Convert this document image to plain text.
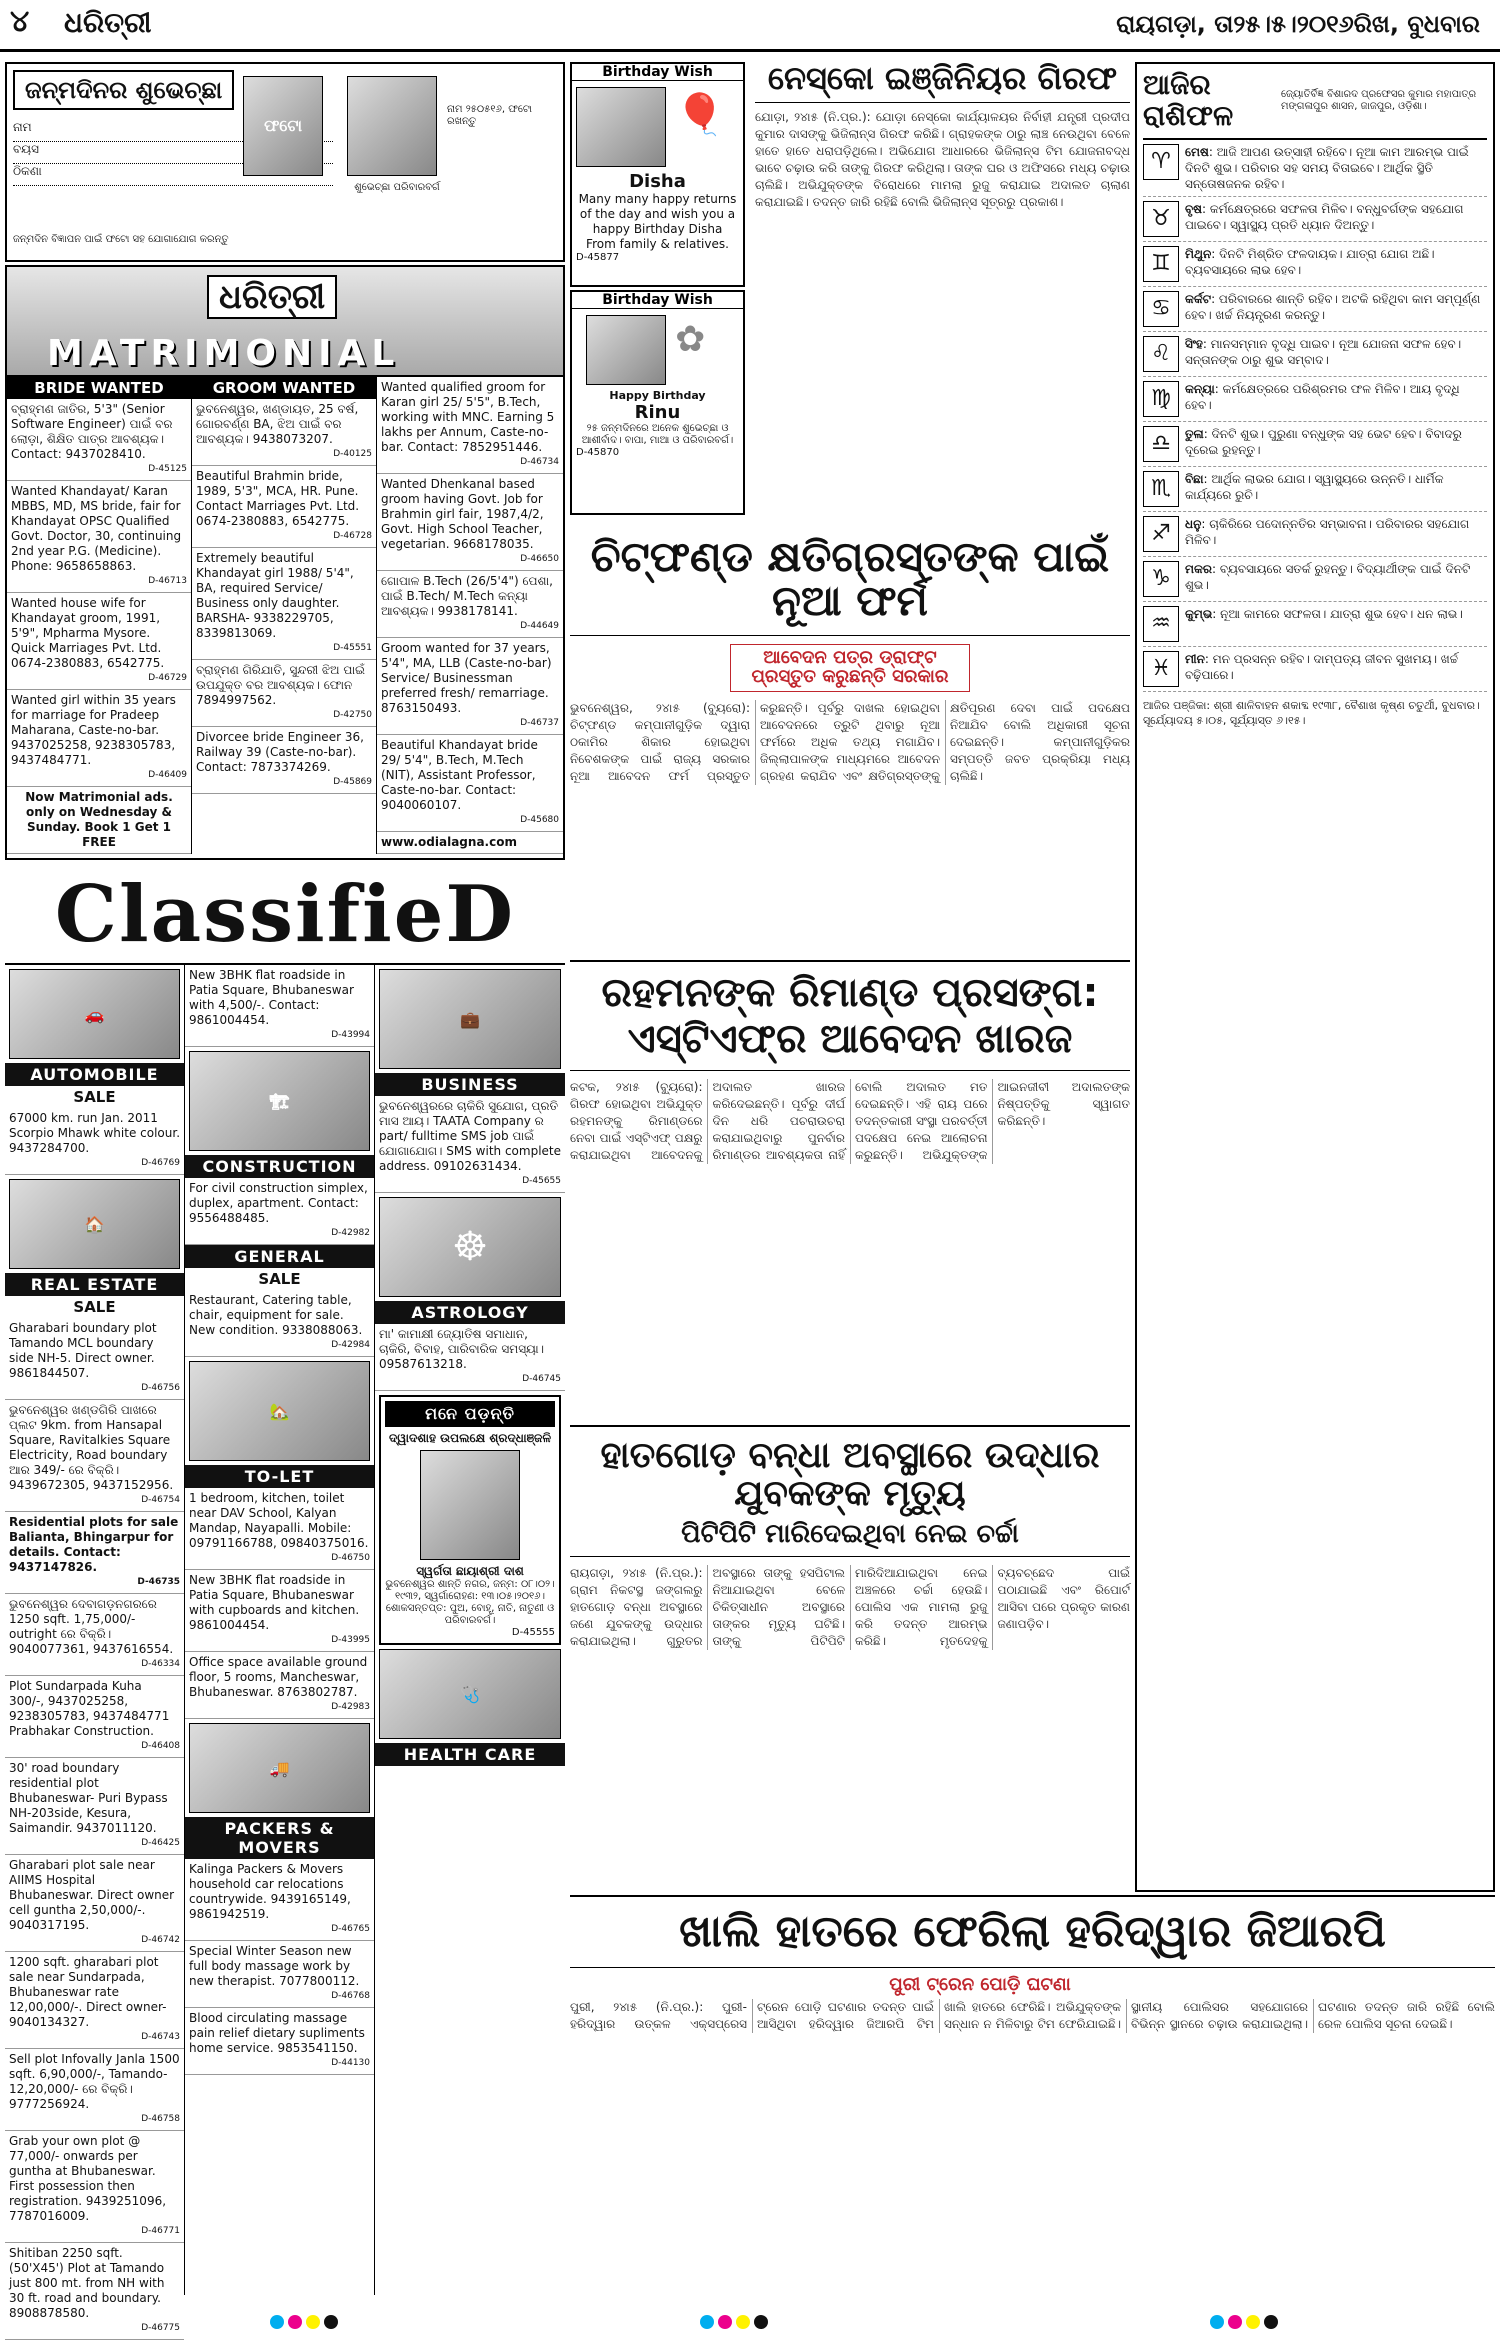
୪ ଧରିତ୍ରୀ	ରାୟଗଡ଼ା, ତା୨୫।୫।୨୦୧୬ରିଖ, ବୁଧବାର
ଜନ୍ମଦିନର ଶୁଭେଚ୍ଛା
ନାମ
ବୟସ
ଠିକଣା
ଫଟୋ
ନାମ ୨୫୦୫୧୬, ଫଟୋ ରଖନ୍ତୁ
ଶୁଭେଚ୍ଛା ପରିବାରବର୍ଗ
ଜନ୍ମଦିନ ବିଜ୍ଞାପନ ପାଇଁ ଫଟୋ ସହ ଯୋଗାଯୋଗ କରନ୍ତୁ
ଧରିତ୍ରୀ
MATRIMONIAL
BRIDE WANTED
ବ୍ରାହ୍ମଣ ଜାତିର, 5'3" (Senior Software Engineer) ପାଇଁ ବର ଲୋଡ଼ା, ଶିକ୍ଷିତ ପାତ୍ର ଆବଶ୍ୟକ। Contact: 9437028410.
D-45125
Wanted Khandayat/ Karan MBBS, MD, MS bride, fair for Khandayat OPSC Qualified Govt. Doctor, 30, continuing 2nd year P.G. (Medicine). Phone: 9658658863.
D-46713
Wanted house wife for Khandayat groom, 1991, 5'9", Mpharma Mysore. Quick Marriages Pvt. Ltd. 0674-2380883, 6542775.
D-46729
Wanted girl within 35 years for marriage for Pradeep Maharana, Caste-no-bar. 9437025258, 9238305783, 9437484771.
D-46409
Now Matrimonial ads. only on Wednesday & Sunday. Book 1 Get 1 FREE
GROOM WANTED
ଭୁବନେଶ୍ୱର, ଖଣ୍ଡାୟତ, 25 ବର୍ଷ, ଗୋରବର୍ଣ୍ଣ BA, ଝିଅ ପାଇଁ ବର ଆବଶ୍ୟକ। 9438073207.
D-40125
Beautiful Brahmin bride, 1989, 5'3", MCA, HR. Pune. Contact Marriages Pvt. Ltd. 0674-2380883, 6542775.
D-46728
Extremely beautiful Khandayat girl 1988/ 5'4", BA, required Service/ Business only daughter. BARSHA- 9338229705, 8339813069.
D-45551
ବ୍ରାହ୍ମଣ ଗିରିଯାତି, ସୁନ୍ଦରୀ ଝିଅ ପାଇଁ ଉପଯୁକ୍ତ ବର ଆବଶ୍ୟକ। ଫୋନ 7894997562.
D-42750
Divorcee bride Engineer 36, Railway 39 (Caste-no-bar). Contact: 7873374269.
D-45869
Wanted qualified groom for Karan girl 25/ 5'5", B.Tech, working with MNC. Earning 5 lakhs per Annum, Caste-no-bar. Contact: 7852951446.
D-46734
Wanted Dhenkanal based groom having Govt. Job for Brahmin girl fair, 1987,4/2, Govt. High School Teacher, vegetarian. 9668178035.
D-46650
ଗୋପାଳ B.Tech (26/5'4") ପେଶା, ପାଇଁ B.Tech/ M.Tech କନ୍ୟା ଆବଶ୍ୟକ। 9938178141.
D-44649
Groom wanted for 37 years, 5'4", MA, LLB (Caste-no-bar) Service/ Businessman preferred fresh/ remarriage. 8763150493.
D-46737
Beautiful Khandayat bride 29/ 5'4", B.Tech, M.Tech (NIT), Assistant Professor, Caste-no-bar. Contact: 9040060107.
D-45680
www.odialagna.com
Birthday Wish
🎈
Disha
Many many happy returns of the day and wish you a happy Birthday Disha From family & relatives.
D-45877
Birthday Wish
✿
Happy Birthday
Rinu
୨୫ ଜନ୍ମଦିନରେ ଅନେକ ଶୁଭେଚ୍ଛା ଓ ଆଶୀର୍ବାଦ। ବାପା, ମାଆ ଓ ପରିବାରବର୍ଗ।
D-45870
ନେସ୍କୋ ଇଞ୍ଜିନିୟର ଗିରଫ
ଯୋଡ଼ା, ୨୪ା୫ (ନି.ପ୍ର.): ଯୋଡ଼ା ନେସ୍କୋ କାର୍ଯ୍ୟାଳୟର ନିର୍ବାହୀ ଯନ୍ତ୍ରୀ ପ୍ରଦୀପ କୁମାର ଦାସଙ୍କୁ ଭିଜିଲାନ୍ସ ଗିରଫ କରିଛି। ଗ୍ରାହକଙ୍କ ଠାରୁ ଲାଞ୍ଚ ନେଉଥିବା ବେଳେ ହାତେ ହାତେ ଧରାପଡ଼ିଥିଲେ। ଅଭିଯୋଗ ଆଧାରରେ ଭିଜିଲାନ୍ସ ଟିମ ଯୋଜନାବଦ୍ଧ ଭାବେ ଚଢ଼ାଉ କରି ତାଙ୍କୁ ଗିରଫ କରିଥିଲା। ତାଙ୍କ ଘର ଓ ଅଫିସରେ ମଧ୍ୟ ଚଢ଼ାଉ ଚାଲିଛି। ଅଭିଯୁକ୍ତଙ୍କ ବିରୋଧରେ ମାମଲା ରୁଜୁ କରାଯାଇ ଅଦାଲତ ଚାଲାଣ କରାଯାଇଛି। ତଦନ୍ତ ଜାରି ରହିଛି ବୋଲି ଭିଜିଲାନ୍ସ ସୂତ୍ରରୁ ପ୍ରକାଶ।
ଚିଟ୍‌ଫଣ୍ଡ କ୍ଷତିଗ୍ରସ୍ତଙ୍କ ପାଇଁ ନୂଆ ଫର୍ମ
ଆବେଦନ ପତ୍ର ଡ୍ରାଫ୍ଟ ପ୍ରସ୍ତୁତ କରୁଛନ୍ତି ସରକାର
ଭୁବନେଶ୍ୱର, ୨୪ା୫ (ବ୍ୟୁରୋ): ଚିଟ୍‌ଫଣ୍ଡ କମ୍ପାନୀଗୁଡ଼ିକ ଦ୍ୱାରା ଠକାମିର ଶିକାର ହୋଇଥିବା ନିବେଶକଙ୍କ ପାଇଁ ରାଜ୍ୟ ସରକାର ନୂଆ ଆବେଦନ ଫର୍ମ ପ୍ରସ୍ତୁତ କରୁଛନ୍ତି। ପୂର୍ବରୁ ଦାଖଲ ହୋଇଥିବା ଆବେଦନରେ ତ୍ରୁଟି ଥିବାରୁ ନୂଆ ଫର୍ମରେ ଅଧିକ ତଥ୍ୟ ମଗାଯିବ। ଜିଲ୍ଲାପାଳଙ୍କ ମାଧ୍ୟମରେ ଆବେଦନ ଗ୍ରହଣ କରାଯିବ ଏବଂ କ୍ଷତିଗ୍ରସ୍ତଙ୍କୁ କ୍ଷତିପୂରଣ ଦେବା ପାଇଁ ପଦକ୍ଷେପ ନିଆଯିବ ବୋଲି ଅଧିକାରୀ ସୂଚନା ଦେଇଛନ୍ତି। କମ୍ପାନୀଗୁଡ଼ିକର ସମ୍ପତ୍ତି ଜବତ ପ୍ରକ୍ରିୟା ମଧ୍ୟ ଚାଲିଛି।
ରହମନଙ୍କ ରିମାଣ୍ଡ ପ୍ରସଙ୍ଗ:
ଏସ୍‌ଟିଏଫ୍‌ର ଆବେଦନ ଖାରଜ
କଟକ, ୨୪ା୫ (ବ୍ୟୁରୋ): ଗିରଫ ହୋଇଥିବା ଅଭିଯୁକ୍ତ ରହମନଙ୍କୁ ରିମାଣ୍ଡରେ ନେବା ପାଇଁ ଏସ୍‌ଟିଏଫ୍ ପକ୍ଷରୁ କରାଯାଇଥିବା ଆବେଦନକୁ ଅଦାଲତ ଖାରଜ କରିଦେଇଛନ୍ତି। ପୂର୍ବରୁ ଦୀର୍ଘ ଦିନ ଧରି ପଚରାଉଚରା କରାଯାଇଥିବାରୁ ପୁନର୍ବାର ରିମାଣ୍ଡର ଆବଶ୍ୟକତା ନାହିଁ ବୋଲି ଅଦାଲତ ମତ ଦେଇଛନ୍ତି। ଏହି ରାୟ ପରେ ତଦନ୍ତକାରୀ ସଂସ୍ଥା ପରବର୍ତ୍ତୀ ପଦକ୍ଷେପ ନେଇ ଆଲୋଚନା କରୁଛନ୍ତି। ଅଭିଯୁକ୍ତଙ୍କ ଆଇନଜୀବୀ ଅଦାଲତଙ୍କ ନିଷ୍ପତ୍ତିକୁ ସ୍ୱାଗତ କରିଛନ୍ତି।
ହାତଗୋଡ଼ ବନ୍ଧା ଅବସ୍ଥାରେ ଉଦ୍ଧାର ଯୁବକଙ୍କ ମୃତ୍ୟୁ
ପିଟିପିଟି ମାରିଦେଇଥିବା ନେଇ ଚର୍ଚ୍ଚା
ରାୟଗଡ଼ା, ୨୪ା୫ (ନି.ପ୍ର.): ଗ୍ରାମ ନିକଟସ୍ଥ ଜଙ୍ଗଲରୁ ହାତଗୋଡ଼ ବନ୍ଧା ଅବସ୍ଥାରେ ଜଣେ ଯୁବକଙ୍କୁ ଉଦ୍ଧାର କରାଯାଇଥିଲା। ଗୁରୁତର ଅବସ୍ଥାରେ ତାଙ୍କୁ ହସପିଟାଲ ନିଆଯାଇଥିବା ବେଳେ ଚିକିତ୍ସାଧୀନ ଅବସ୍ଥାରେ ତାଙ୍କର ମୃତ୍ୟୁ ଘଟିଛି। ତାଙ୍କୁ ପିଟିପିଟି ମାରିଦିଆଯାଇଥିବା ନେଇ ଅଞ୍ଚଳରେ ଚର୍ଚ୍ଚା ହେଉଛି। ପୋଲିସ ଏକ ମାମଲା ରୁଜୁ କରି ତଦନ୍ତ ଆରମ୍ଭ କରିଛି। ମୃତଦେହକୁ ବ୍ୟବଚ୍ଛେଦ ପାଇଁ ପଠାଯାଇଛି ଏବଂ ରିପୋର୍ଟ ଆସିବା ପରେ ପ୍ରକୃତ କାରଣ ଜଣାପଡ଼ିବ।
ଆଜିର ରାଶିଫଳ
ଜ୍ୟୋତିର୍ବିଜ୍ଞ ବିଶାରଦ ପ୍ରଫେସର କୁମାର ମହାପାତ୍ର ମଙ୍ଗଳାପୁର ଶାସନ, ଜାଜପୁର, ଓଡ଼ିଶା।
♈	ମେଷ: ଆଜି ଆପଣ ଉତ୍ସାହୀ ରହିବେ। ନୂଆ କାମ ଆରମ୍ଭ ପାଇଁ ଦିନଟି ଶୁଭ। ପରିବାର ସହ ସମୟ ବିତାଇବେ। ଆର୍ଥିକ ସ୍ଥିତି ସନ୍ତୋଷଜନକ ରହିବ।
♉	ବୃଷ: କର୍ମକ୍ଷେତ୍ରରେ ସଫଳତା ମିଳିବ। ବନ୍ଧୁବର୍ଗଙ୍କ ସହଯୋଗ ପାଇବେ। ସ୍ୱାସ୍ଥ୍ୟ ପ୍ରତି ଧ୍ୟାନ ଦିଅନ୍ତୁ।
♊	ମିଥୁନ: ଦିନଟି ମିଶ୍ରିତ ଫଳଦାୟକ। ଯାତ୍ରା ଯୋଗ ଅଛି। ବ୍ୟବସାୟରେ ଲାଭ ହେବ।
♋	କର୍କଟ: ପରିବାରରେ ଶାନ୍ତି ରହିବ। ଅଟକି ରହିଥିବା କାମ ସମ୍ପୂର୍ଣ୍ଣ ହେବ। ଖର୍ଚ୍ଚ ନିୟନ୍ତ୍ରଣ କରନ୍ତୁ।
♌	ସିଂହ: ମାନସମ୍ମାନ ବୃଦ୍ଧି ପାଇବ। ନୂଆ ଯୋଜନା ସଫଳ ହେବ। ସନ୍ତାନଙ୍କ ଠାରୁ ଶୁଭ ସମ୍ବାଦ।
♍	କନ୍ୟା: କର୍ମକ୍ଷେତ୍ରରେ ପରିଶ୍ରମର ଫଳ ମିଳିବ। ଆୟ ବୃଦ୍ଧି ହେବ।
♎	ତୁଳା: ଦିନଟି ଶୁଭ। ପୁରୁଣା ବନ୍ଧୁଙ୍କ ସହ ଭେଟ ହେବ। ବିବାଦରୁ ଦୂରେଇ ରୁହନ୍ତୁ।
♏	ବିଛା: ଆର୍ଥିକ ଲାଭର ଯୋଗ। ସ୍ୱାସ୍ଥ୍ୟରେ ଉନ୍ନତି। ଧାର୍ମିକ କାର୍ଯ୍ୟରେ ରୁଚି।
♐	ଧନୁ: ଚାକିରିରେ ପଦୋନ୍ନତିର ସମ୍ଭାବନା। ପରିବାରର ସହଯୋଗ ମିଳିବ।
♑	ମକର: ବ୍ୟବସାୟରେ ସତର୍କ ରୁହନ୍ତୁ। ବିଦ୍ୟାର୍ଥୀଙ୍କ ପାଇଁ ଦିନଟି ଶୁଭ।
♒	କୁମ୍ଭ: ନୂଆ କାମରେ ସଫଳତା। ଯାତ୍ରା ଶୁଭ ହେବ। ଧନ ଲାଭ।
♓	ମୀନ: ମନ ପ୍ରସନ୍ନ ରହିବ। ଦାମ୍ପତ୍ୟ ଜୀବନ ସୁଖମୟ। ଖର୍ଚ୍ଚ ବଢ଼ିପାରେ।
ଆଜିର ପଞ୍ଜିକା: ଶ୍ରୀ ଶାଳିବାହନ ଶକାବ୍ଦ ୧୯୩୮, ବୈଶାଖ କୃଷ୍ଣ ଚତୁର୍ଥୀ, ବୁଧବାର। ସୂର୍ଯ୍ୟୋଦୟ ୫।୦୫, ସୂର୍ଯ୍ୟାସ୍ତ ୬।୧୫।
ଖାଲି ହାତରେ ଫେରିଲା ହରିଦ୍ୱାର ଜିଆରପି
ପୁରୀ ଟ୍ରେନ ପୋଡ଼ି ଘଟଣା
ପୁରୀ, ୨୪ା୫ (ନି.ପ୍ର.): ପୁରୀ-ହରିଦ୍ୱାର ଉତ୍କଳ ଏକ୍ସପ୍ରେସ ଟ୍ରେନ ପୋଡ଼ି ଘଟଣାର ତଦନ୍ତ ପାଇଁ ଆସିଥିବା ହରିଦ୍ୱାର ଜିଆରପି ଟିମ ଖାଲି ହାତରେ ଫେରିଛି। ଅଭିଯୁକ୍ତଙ୍କ ସନ୍ଧାନ ନ ମିଳିବାରୁ ଟିମ ଫେରିଯାଇଛି। ସ୍ଥାନୀୟ ପୋଲିସର ସହଯୋଗରେ ବିଭିନ୍ନ ସ୍ଥାନରେ ଚଢ଼ାଉ କରାଯାଇଥିଲା। ଘଟଣାର ତଦନ୍ତ ଜାରି ରହିଛି ବୋଲି ରେଳ ପୋଲିସ ସୂଚନା ଦେଇଛି।
ClassifieD
🚗
AUTOMOBILE
SALE
67000 km. run Jan. 2011 Scorpio Mhawk white colour. 9437284700.
D-46769
🏠
REAL ESTATE
SALE
Gharabari boundary plot Tamando MCL boundary side NH-5. Direct owner. 9861844507.
D-46756
ଭୁବନେଶ୍ୱର ଖଣ୍ଡଗିରି ପାଖରେ ପ୍ଲଟ 9km. from Hansapal Square, Ravitalkies Square Electricity, Road boundary ଆର 349/- ରେ ବିକ୍ରି। 9439672305, 9437152956.
D-46754
Residential plots for sale Balianta, Bhingarpur for details. Contact: 9437147826.
D-46735
ଭୁବନେଶ୍ୱର ଦେବାଗଡ଼ନଗରରେ 1250 sqft. 1,75,000/- outright ରେ ବିକ୍ରି। 9040077361, 9437616554.
D-46334
Plot Sundarpada Kuha 300/-, 9437025258, 9238305783, 9437484771 Prabhakar Construction.
D-46408
30' road boundary residential plot Bhubaneswar- Puri Bypass NH-203side, Kesura, Saimandir. 9437011120.
D-46425
Gharabari plot sale near AIIMS Hospital Bhubaneswar. Direct owner cell guntha 2,50,000/-. 9040317195.
D-46742
1200 sqft. gharabari plot sale near Sundarpada, Bhubaneswar rate 12,00,000/-. Direct owner- 9040134327.
D-46743
Sell plot Infovally Janla 1500 sqft. 6,90,000/-, Tamando- 12,20,000/- ରେ ବିକ୍ରି। 9777256924.
D-46758
Grab your own plot @ 77,000/- onwards per guntha at Bhubaneswar. First possession then registration. 9439251096, 7787016009.
D-46771
Shitiban 2250 sqft. (50'X45') Plot at Tamando just 800 mt. from NH with 30 ft. road and boundary. 8908878580.
D-46775
New 3BHK flat roadside in Patia Square, Bhubaneswar with 4,500/-. Contact: 9861004454.
D-43994
🏗
CONSTRUCTION
For civil construction simplex, duplex, apartment. Contact: 9556488485.
D-42982
GENERAL
SALE
Restaurant, Catering table, chair, equipment for sale. New condition. 9338088063.
D-42984
🏡
TO-LET
1 bedroom, kitchen, toilet near DAV School, Kalyan Mandap, Nayapalli. Mobile: 09791166788, 09840375016.
D-46750
New 3BHK flat roadside in Patia Square, Bhubaneswar with cupboards and kitchen. 9861004454.
D-43995
Office space available ground floor, 5 rooms, Mancheswar, Bhubaneswar. 8763802787.
D-42983
🚚
PACKERS & MOVERS
Kalinga Packers & Movers household car relocations countrywide. 9439165149, 9861942519.
D-46765
Special Winter Season new full body massage work by new therapist. 7077800112.
D-46768
Blood circulating massage pain relief dietary supliments home service. 9853541150.
D-44130
💼
BUSINESS
ଭୁବନେଶ୍ୱରରେ ଚାକିରି ସୁଯୋଗ, ପ୍ରତି ମାସ ଆୟ। TAATA Company ର part/ fulltime SMS job ପାଇଁ ଯୋଗାଯୋଗ। SMS with complete address. 09102631434.
D-45655
☸
ASTROLOGY
ମା' କାମାକ୍ଷୀ ଜ୍ୟୋତିଷ ସମାଧାନ, ଚାକିରି, ବିବାହ, ପାରିବାରିକ ସମସ୍ୟା। 09587613218.
D-46745
ମନେ ପଡ଼ନ୍ତି
ଦ୍ୱାଦଶାହ ଉପଲକ୍ଷେ ଶ୍ରଦ୍ଧାଞ୍ଜଳି
ସ୍ୱର୍ଗତା ଛାୟାଶ୍ରୀ ଦାଶ
ଭୁବନେଶ୍ୱର ଶାନ୍ତି ନଗର, ଜନ୍ମ: ୦୮।୦୨।୧୯୩୨, ସ୍ୱର୍ଗାରୋହଣ: ୧୩।୦୫।୨୦୧୬। ଶୋକସନ୍ତପ୍ତ: ପୁଅ, ବୋହୂ, ନାତି, ନାତୁଣୀ ଓ ପରିବାରବର୍ଗ।
D-45555
🩺
HEALTH CARE
